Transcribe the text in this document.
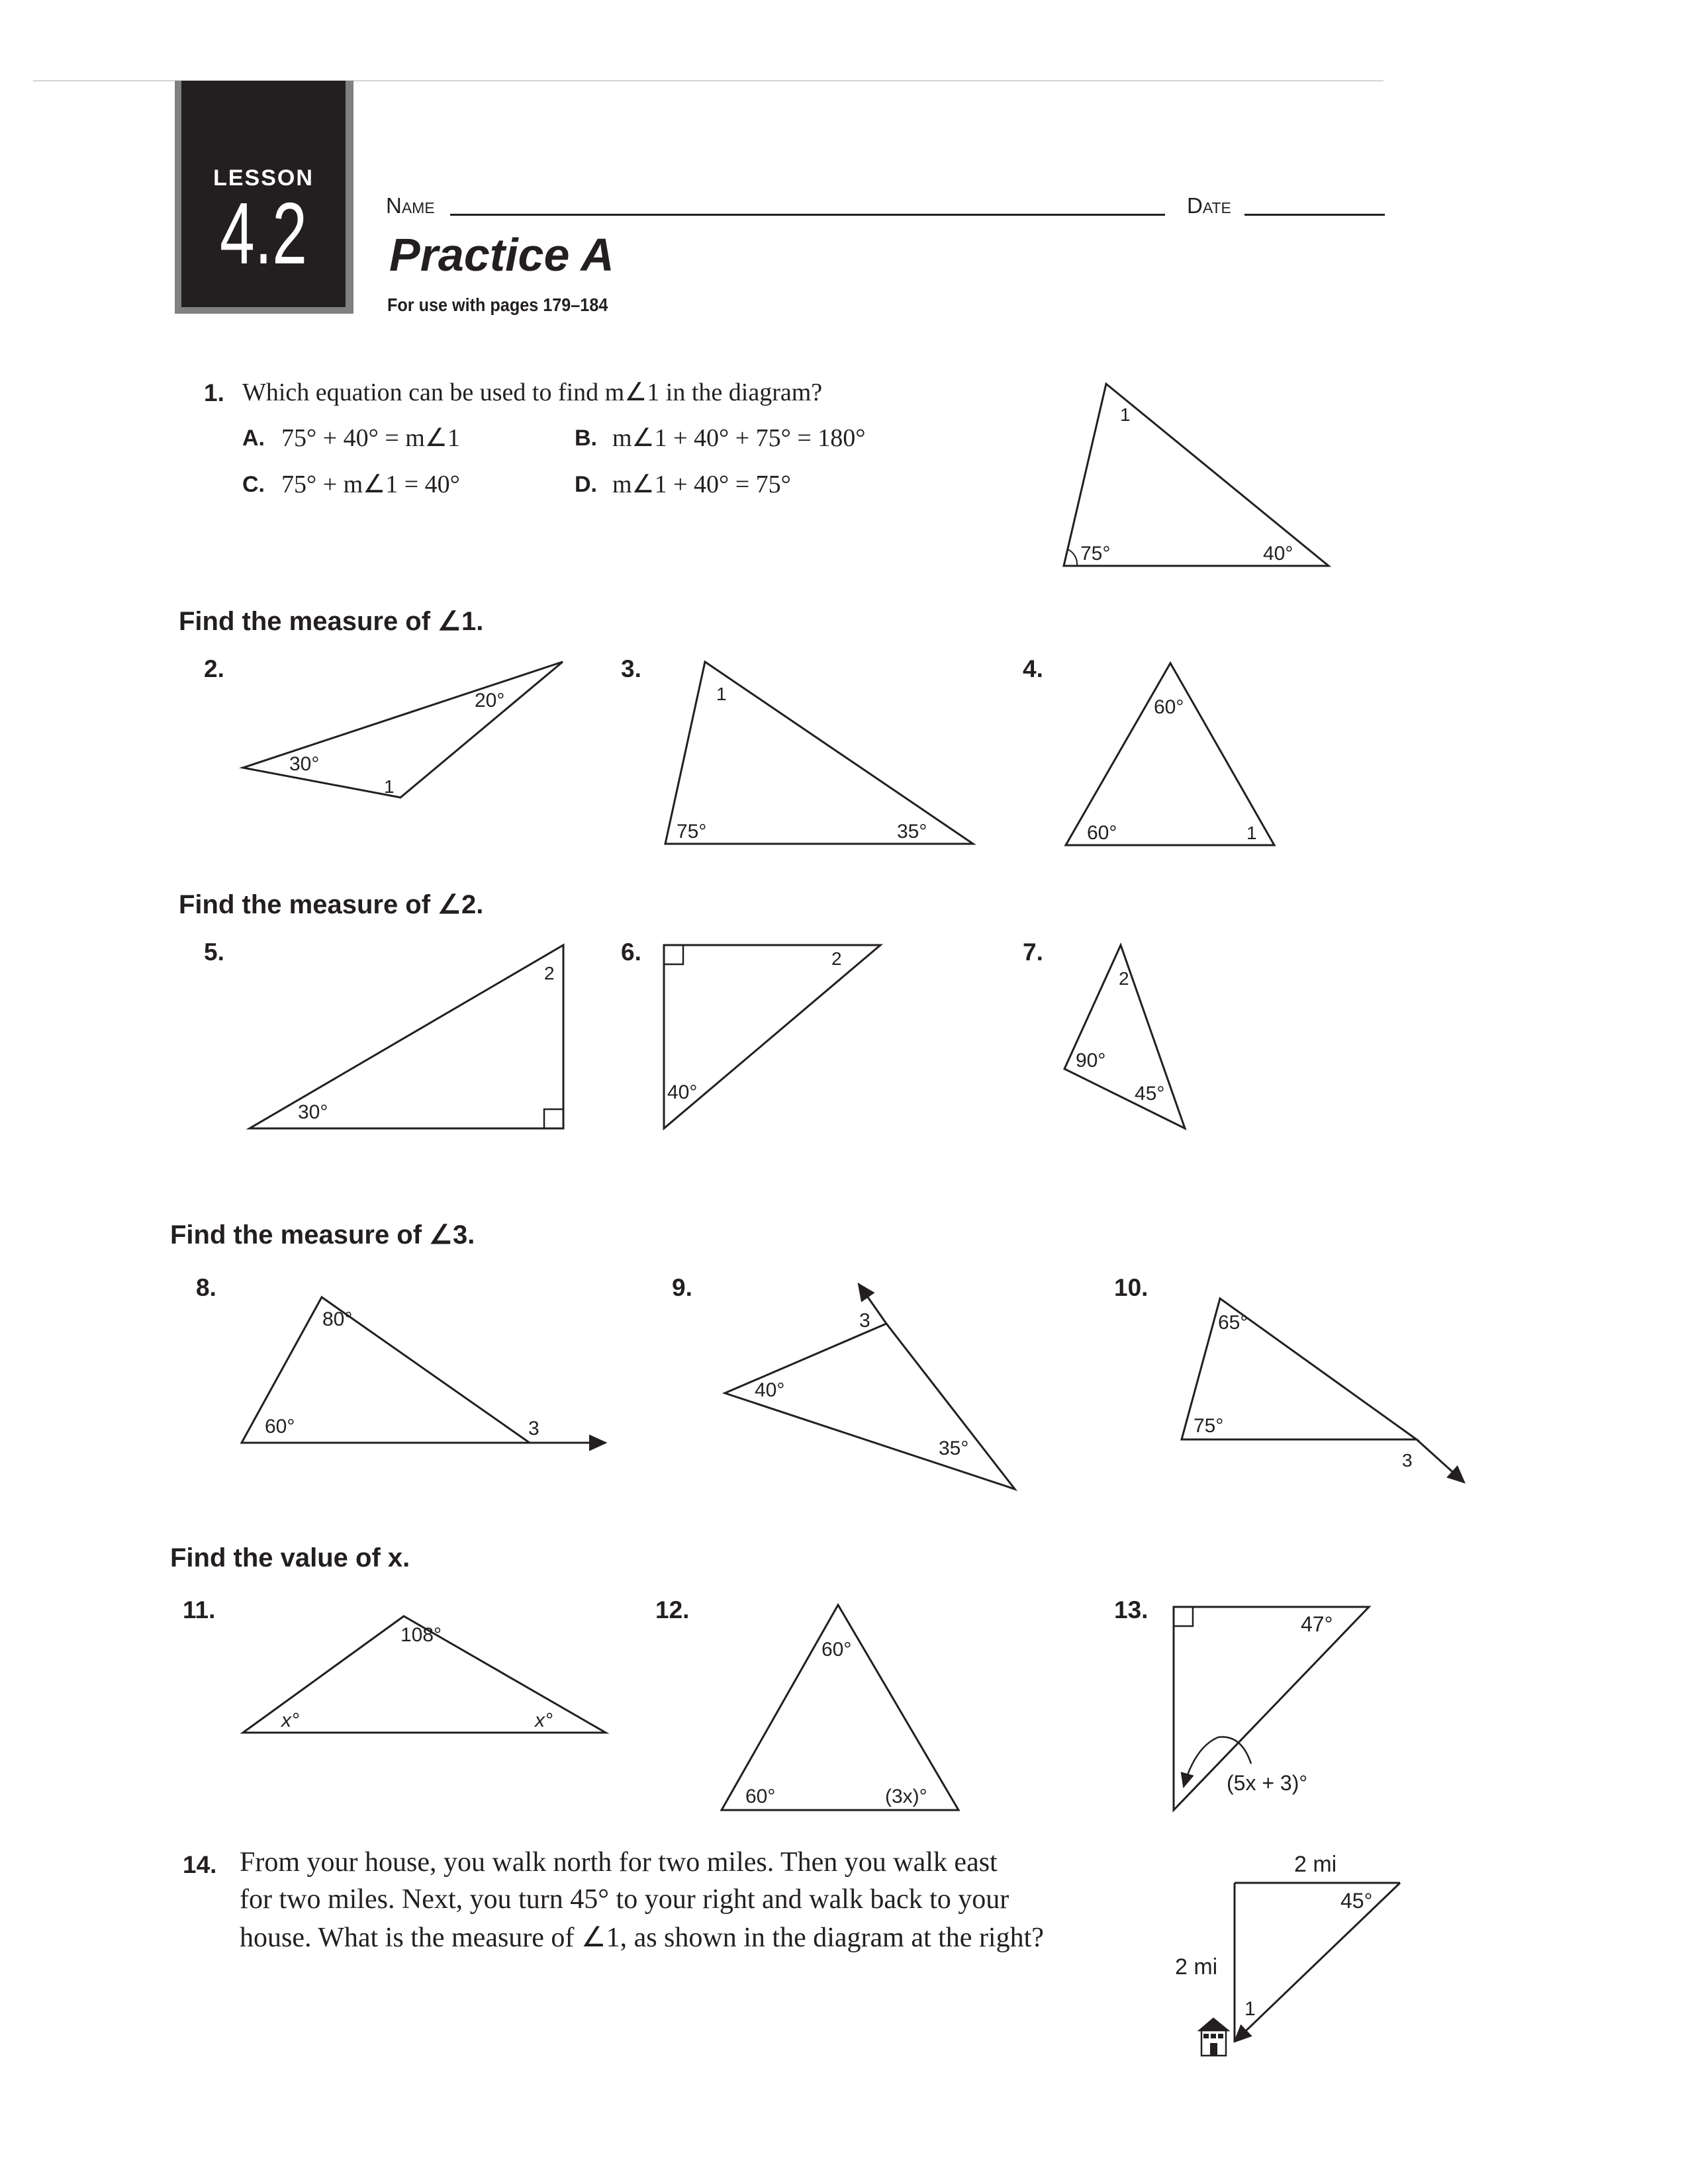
LESSON
4.2	Name	Date
Practice A
For use with pages 179–184
1. Which equation can be used to find m∠1 in the diagram?
A. 75° + 40° = m∠1	B. m∠1 + 40° + 75° = 180°
C. 75° + m∠1 = 40°	D. m∠1 + 40° = 75°
Find the measure of ∠1.
Find the measure of ∠2.
Find the measure of ∠3.
Find the value of x.
2.	3.	4.
5.	6.	7.
8.	9.	10.
11.	12.	13.
14. From your house, you walk north for two miles. Then you walk east
for two miles. Next, you turn 45° to your right and walk back to your
house. What is the measure of ∠1, as shown in the diagram at the right?
1
75°	40°
20°
30°
1
1
75°	35°
60°
60°	1
2
30°
2
40°
2
90°
45°
80°
60°	3
3
40°
35°
65°
75°
3
108°
x°	x°
60°
60°	(3x)°
47°
(5x + 3)°
2 mi
45°
2 mi
1
